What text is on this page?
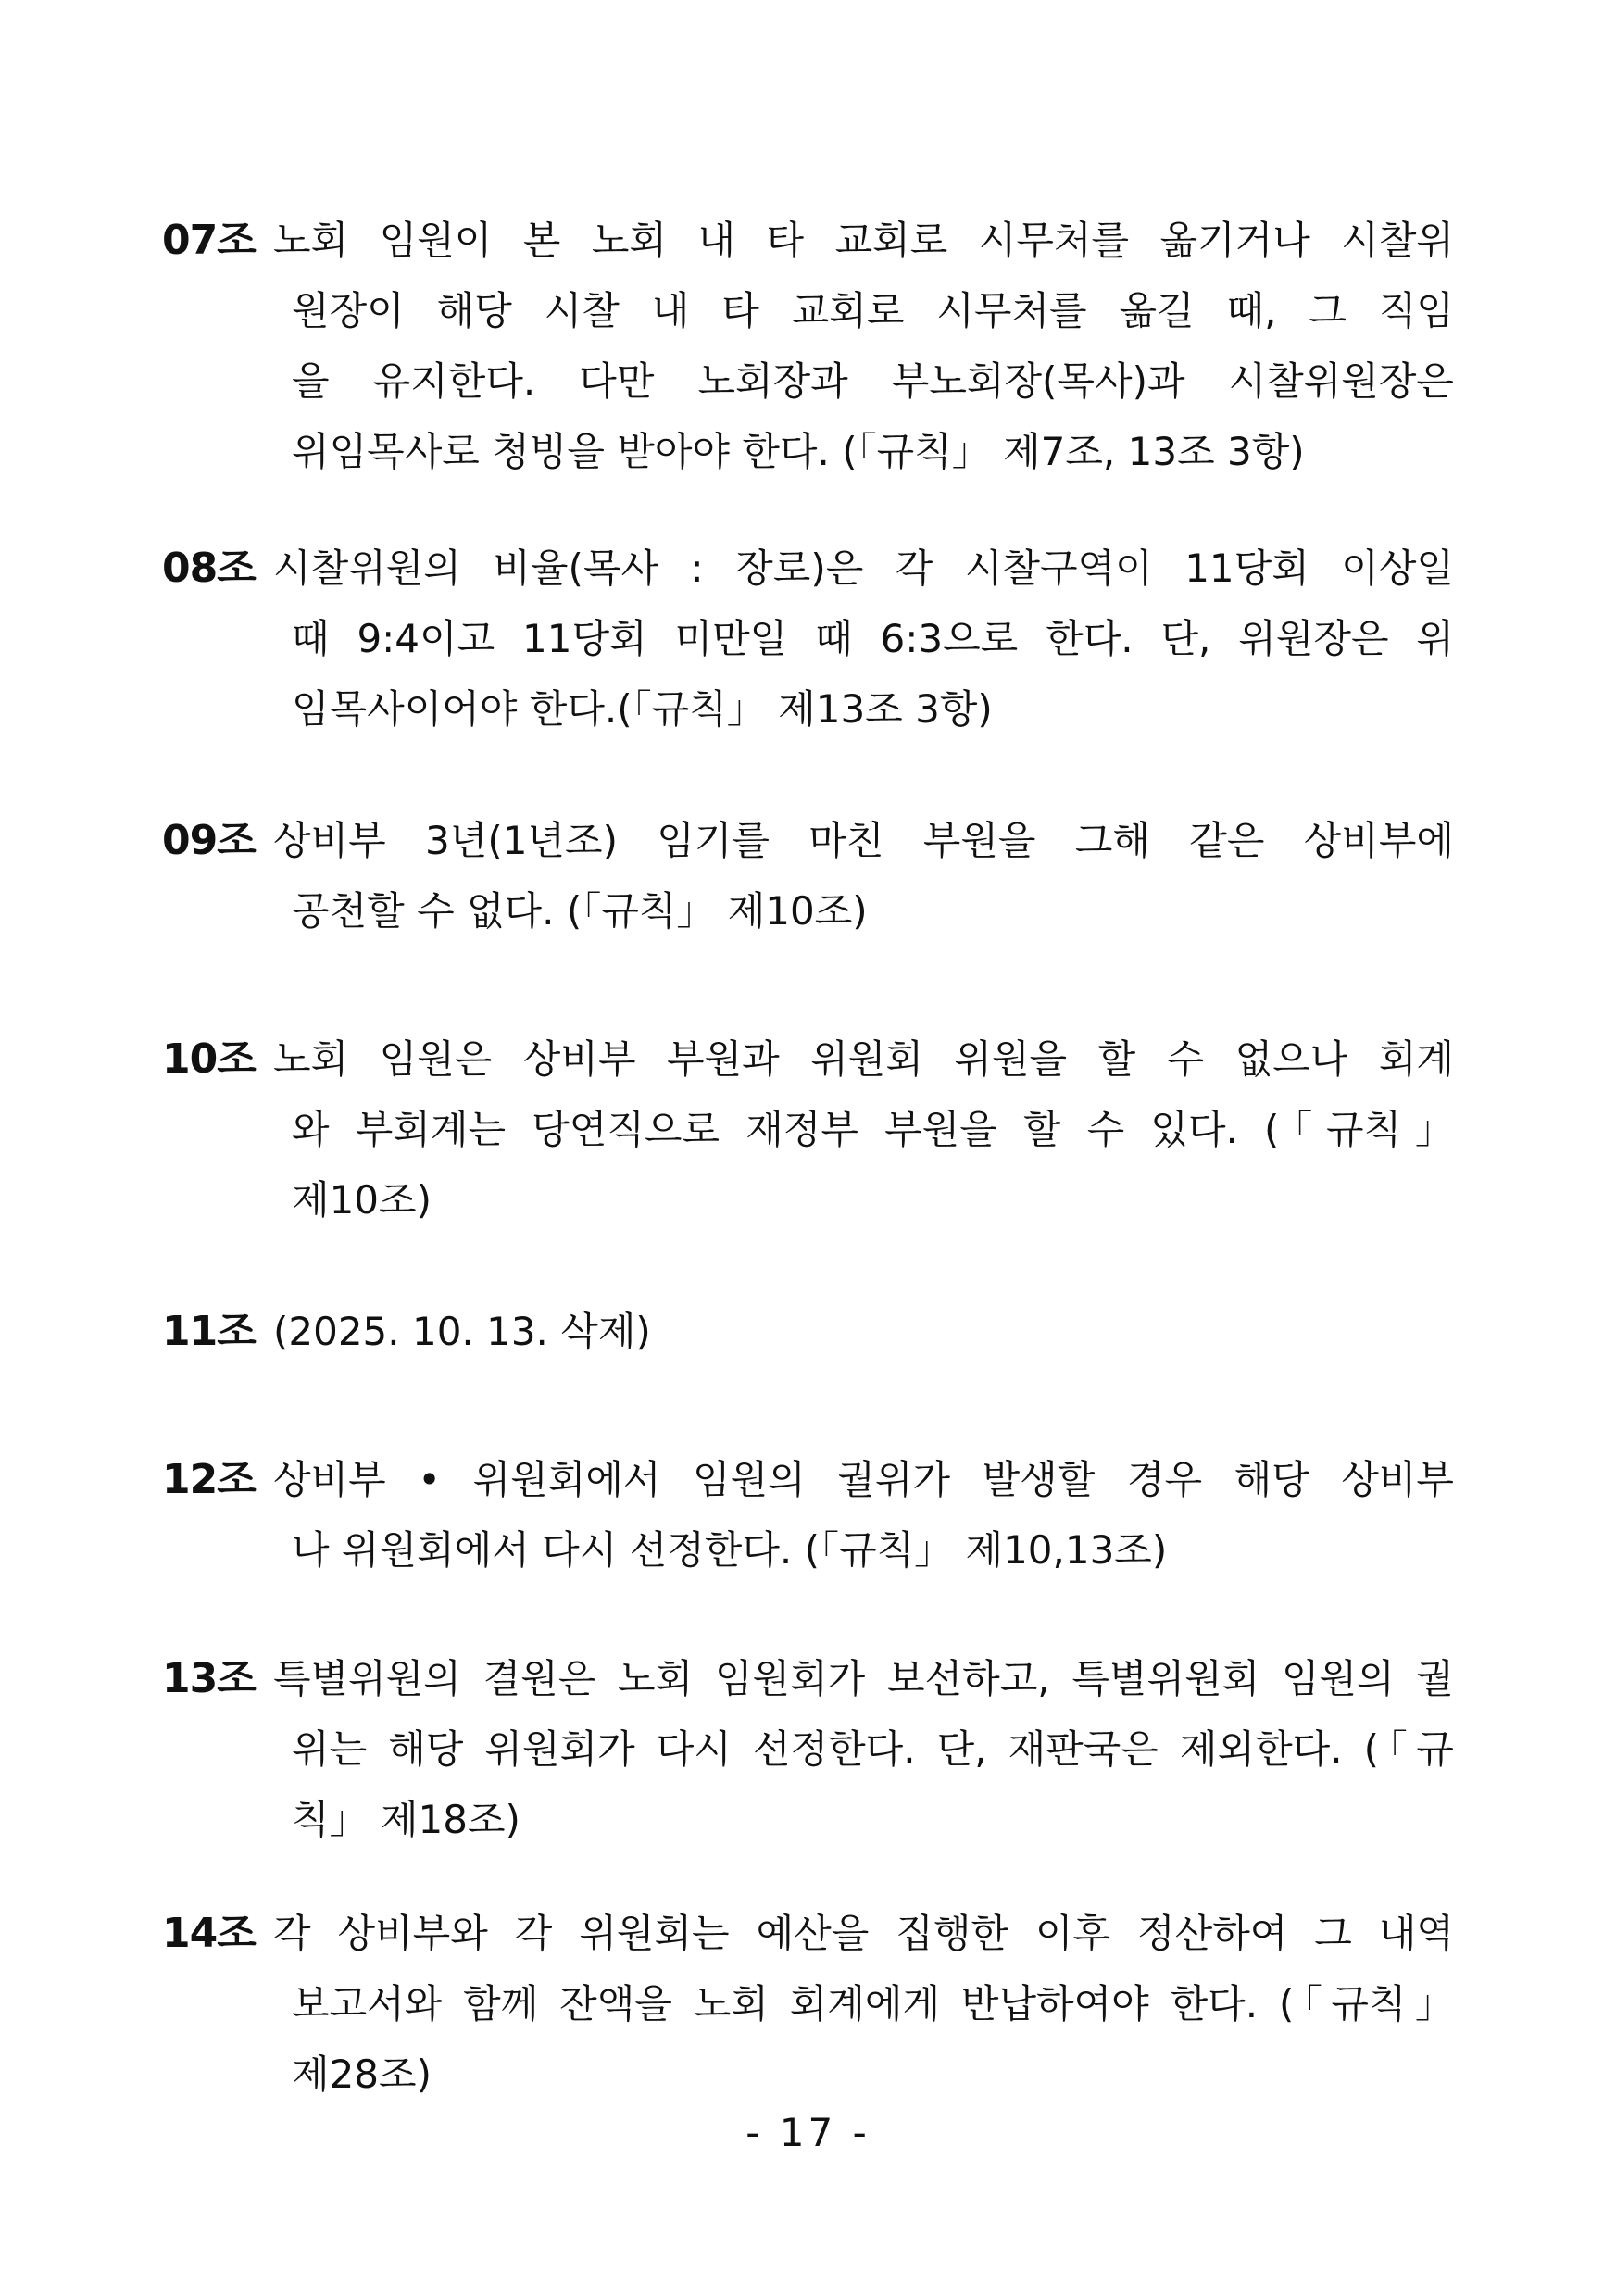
07조 노회 임원이 본 노회 내 타 교회로 시무처를 옮기거나 시찰위
원장이 해당 시찰 내 타 교회로 시무처를 옮길 때, 그 직임
을 유지한다. 다만 노회장과 부노회장(목사)과 시찰위원장은
위임목사로 청빙을 받아야 한다. (「규칙」 제7조, 13조 3항)
08조 시찰위원의 비율(목사 : 장로)은 각 시찰구역이 11당회 이상일
때 9:4이고 11당회 미만일 때 6:3으로 한다. 단, 위원장은 위
임목사이어야 한다.(「규칙」 제13조 3항)
09조 상비부 3년(1년조) 임기를 마친 부원을 그해 같은 상비부에
공천할 수 없다. (「규칙」 제10조)
10조 노회 임원은 상비부 부원과 위원회 위원을 할 수 없으나 회계
와 부회계는 당연직으로 재정부 부원을 할 수 있다. (「규칙」
제10조)
11조 (2025. 10. 13. 삭제)
12조 상비부 • 위원회에서 임원의 궐위가 발생할 경우 해당 상비부
나 위원회에서 다시 선정한다. (「규칙」 제10,13조)
13조 특별위원의 결원은 노회 임원회가 보선하고, 특별위원회 임원의 궐
위는 해당 위원회가 다시 선정한다. 단, 재판국은 제외한다. (「규
칙」 제18조)
14조 각 상비부와 각 위원회는 예산을 집행한 이후 정산하여 그 내역
보고서와 함께 잔액을 노회 회계에게 반납하여야 한다. (「규칙」
제28조)
- 17 -
